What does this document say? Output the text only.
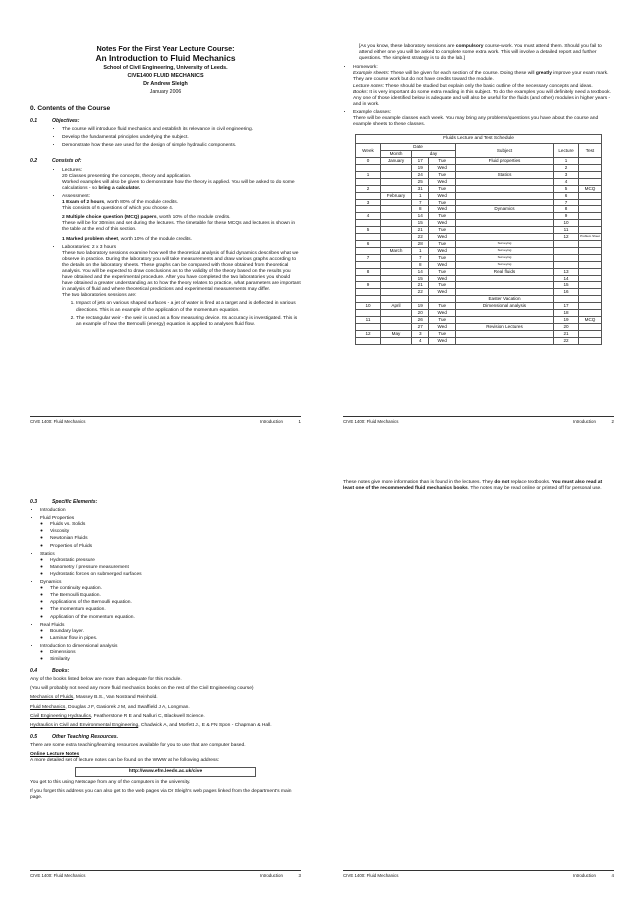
Notes For the First Year Lecture Course:
An Introduction to Fluid Mechanics
School of Civil Engineering, University of Leeds.
CIVE1400 FLUID MECHANICS
Dr Andrew Sleigh
January 2006
0. Contents of the Course
0.1	Objectives:
• The course will introduce fluid mechanics and establish its relevance in civil engineering.
• Develop the fundamental principles underlying the subject.
• Demonstrate how these are used for the design of simple hydraulic components.
0.2	Consists of:
• Lectures:
20 Classes presenting the concepts, theory and application.
Worked examples will also be given to demonstrate how the theory is applied. You will be asked to do some calculations - so bring a calculator.
• Assessment:
1 Exam of 2 hours, worth 80% of the module credits.

This consists of 6 questions of which you choose 4.

2 Multiple choice question (MCQ) papers, worth 10% of the module credits.

These will be for 30mins and set during the lectures. The timetable for these MCQs and lectures is shown in the table at the end of this section.

1 Marked problem sheet, worth 10% of the module credits.
• Laboratories: 2 x 3 hours
These two laboratory sessions examine how well the theoretical analysis of fluid dynamics describes what we observe in practice. During the laboratory you will take measurements and draw various graphs according to the details on the laboratory sheets. These graphs can be compared with those obtained from theoretical analysis. You will be expected to draw conclusions as to the validity of the theory based on the results you have obtained and the experimental procedure. After you have completed the two laboratories you should have obtained a greater understanding as to how the theory relates to practice, what parameters are important in analysis of fluid and where theoretical predictions and experimental measurements may differ.
The two laboratories sessions are:
1. Impact of jets on various shaped surfaces - a jet of water is fired at a target and is deflected in various directions. This is an example of the application of the momentum equation.
2. The rectangular weir - the weir is used as a flow measuring device. Its accuracy is investigated. This is an example of how the Bernoulli (energy) equation is applied to analyses fluid flow.
CIVE 1400: Fluid Mechanics	Introduction	1
[As you know, these laboratory sessions are compulsory course-work. You must attend them. Should you fail to attend either one you will be asked to complete some extra work. This will involve a detailed report and further questions. The simplest strategy is to do the lab.]
• Homework:
Example sheets: These will be given for each section of the course. Doing these will greatly improve your exam mark. They are course work but do not have credits toward the module.
Lecture notes: These should be studied but explain only the basic outline of the necessary concepts and ideas.
Books: It is very important do some extra reading in this subject. To do the examples you will definitely need a textbook. Any one of those identified below is adequate and will also be useful for the fluids (and other) modules in higher years - and in work.
• Example classes:
There will be example classes each week. You may bring any problems/questions you have about the course and example sheets to these classes.
Fluids Lecture and Test Schedule
Week	Date			Subject	Lecture	Test
	Month	day				
0	January	17	Tue	Fluid properties	1	
		19	Wed		2	
1		24	Tue	Statics	3	
		25	Wed		4	
2		31	Tue		5	MCQ
	February	1	Wed		6	
3		7	Tue		7	
		8	Wed	Dynamics	8	
4		14	Tue		9	
		15	Wed		10	
5		21	Tue		11	
		22	Wed		12	Problem Sheet
6		28	Tue	Surveying		
	March	1	Wed	Surveying		
7		7	Tue	Surveying		
		8	Wed	Surveying		
8		14	Tue	Real fluids	13	
		15	Wed		14	
9		21	Tue		15	
		22	Wed		16	
				Easter Vacation		
10	April	19	Tue	Dimensional analysis	17	
		20	Wed		18	
11		26	Tue		19	MCQ
		27	Wed	Revision Lectures	20	
12	May	3	Tue		21	
		4	Wed		22	
CIVE 1400: Fluid Mechanics	Introduction	2
0.3	Specific Elements:
• Introduction
• Fluid Properties
◦ Fluids vs. Solids
◦ Viscosity
◦ Newtonian Fluids
◦ Properties of Fluids
• Statics
◦ Hydrostatic pressure
◦ Manometry / pressure measurement
◦ Hydrostatic forces on submerged surfaces
• Dynamics
◦ The continuity equation.
◦ The Bernoulli Equation.
◦ Applications of the Bernoulli equation.
◦ The momentum equation.
◦ Application of the momentum equation.
• Real Fluids
◦ Boundary layer.
◦ Laminar flow in pipes.
• Introduction to dimensional analysis
◦ Dimensions
◦ Similarity
0.4	Books:

Any of the books listed below are more than adequate for this module.

(You will probably not need any more fluid mechanics books on the rest of the Civil Engineering course)

Mechanics of Fluids, Massey B.S., Van Nostrand Reinhold.

Fluid Mechanics, Douglas J F, Gasiorek J M, and Swaffield J A, Longman.

Civil Engineering Hydraulics, Featherstone R E and Nalluri C, Blackwell Science.

Hydraulics in Civil and Environmental Engineering, Chadwick A, and Morfett J., E & FN Spon - Chapman & Hall.

0.5	Other Teaching Resources.

There are some extra teaching/learning resources available for you to use that are computer based.

Online Lecture Notes

A more detailed set of lecture notes can be found on the WWW at he following address:

http://www.efm.leeds.ac.uk/cive

You get to this using Netscape from any of the computers in the university.

If you forget this address you can also get to the web pages via Dr Sleigh's web pages linked from the department's main page.

CIVE 1400: Fluid Mechanics	Introduction	3

These notes give more information than is found in the lectures. They do not replace textbooks. You must also read at least one of the recommended fluid mechanics books. The notes may be read online or printed off for personal use.

CIVE 1400: Fluid Mechanics	Introduction	4
